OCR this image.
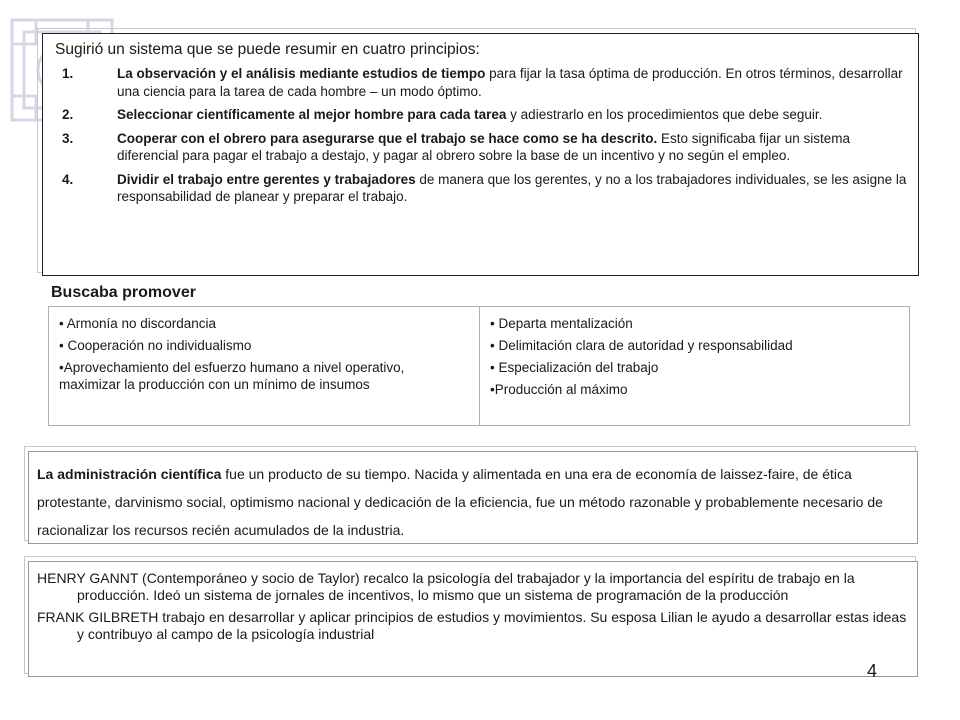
Sugirió un sistema que se puede resumir en cuatro principios:
1.	La observación y el análisis mediante estudios de tiempo para fijar la tasa óptima de producción. En otros términos, desarrollar una ciencia para la tarea de cada hombre – un modo óptimo.
2.	Seleccionar científicamente al mejor hombre para cada tarea y adiestrarlo en los procedimientos que debe seguir.
3.	Cooperar con el obrero para asegurarse que el trabajo se hace como se ha descrito. Esto significaba fijar un sistema diferencial para pagar el trabajo a destajo, y pagar al obrero sobre la base de un incentivo y no según el empleo.
4.	Dividir el trabajo entre gerentes y trabajadores de manera que los gerentes, y no a los trabajadores individuales, se les asigne la responsabilidad de planear y preparar el trabajo.
Buscaba promover

• Armonía no discordancia

• Cooperación no individualismo

•Aprovechamiento del esfuerzo humano a nivel operativo, maximizar la producción con un mínimo de insumos

• Departa mentalización

• Delimitación clara de autoridad y responsabilidad

• Especialización del trabajo

•Producción al máximo

La administración científica fue un producto de su tiempo. Nacida y alimentada en una era de economía de laissez-faire, de ética protestante, darvinismo social, optimismo nacional y dedicación de la eficiencia, fue un método razonable y probablemente necesario de racionalizar los recursos recién acumulados de la industria.

HENRY GANNT (Contemporáneo y socio de Taylor) recalco la psicología del trabajador y la importancia del espíritu de trabajo en la producción. Ideó un sistema de jornales de incentivos, lo mismo que un sistema de programación de la producción

FRANK GILBRETH trabajo en desarrollar y aplicar principios de estudios y movimientos. Su esposa Lilian le ayudo a desarrollar estas ideas y contribuyo al campo de la psicología industrial

4
